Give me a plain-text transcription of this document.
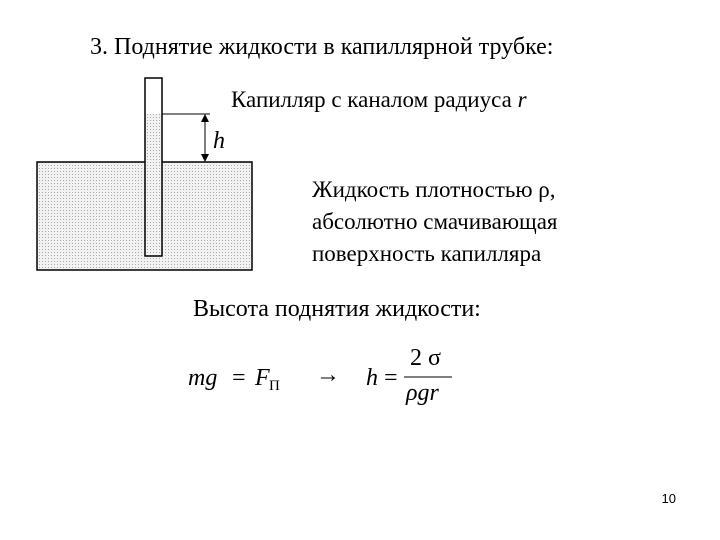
3. Поднятие жидкости в капиллярной трубке:
Капилляр с каналом радиуса r
h
Жидкость плотностью ρ,
абсолютно смачивающая
поверхность капилляра
Высота поднятия жидкости:
mg = F П → h =
2 σ
ρgr
10
